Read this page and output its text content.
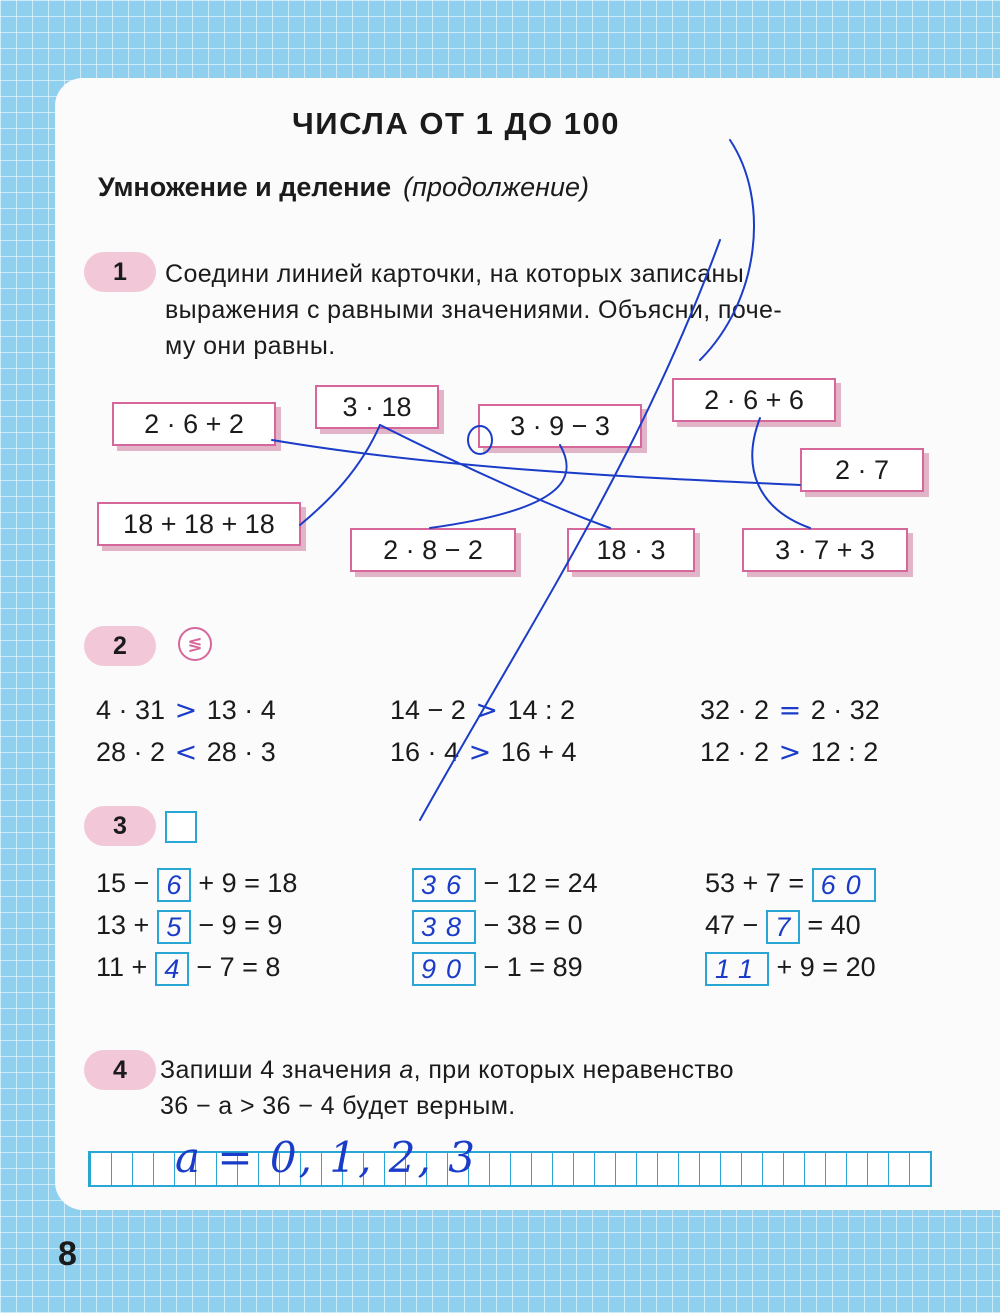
ЧИСЛА ОТ 1 ДО 100
Умножение и деление (продолжение)
1	Соедини линией карточки, на которых записаны
выражения с равными значениями. Объясни, поче-
му они равны.
2 · 6 + 2
3 · 18
3 · 9 − 3
2 · 6 + 6
2 · 7
18 + 18 + 18
2 · 8 − 2	18 · 3	3 · 7 + 3
2	≶
4 · 31 > 13 · 4	14 − 2 > 14 : 2	32 · 2 = 2 · 32
28 · 2 < 28 · 3	16 · 4 > 16 + 4	12 · 2 > 12 : 2
3
15 − 6 + 9 = 18	36 − 12 = 24	53 + 7 = 60
13 + 5 − 9 = 9	38 − 38 = 0	47 − 7 = 40
11 + 4 − 7 = 8	90 − 1 = 89	11 + 9 = 20
4	Запиши 4 значения a, при которых неравенство
36 − a > 36 − 4 будет верным.
a = 0, 1, 2, 3
8
